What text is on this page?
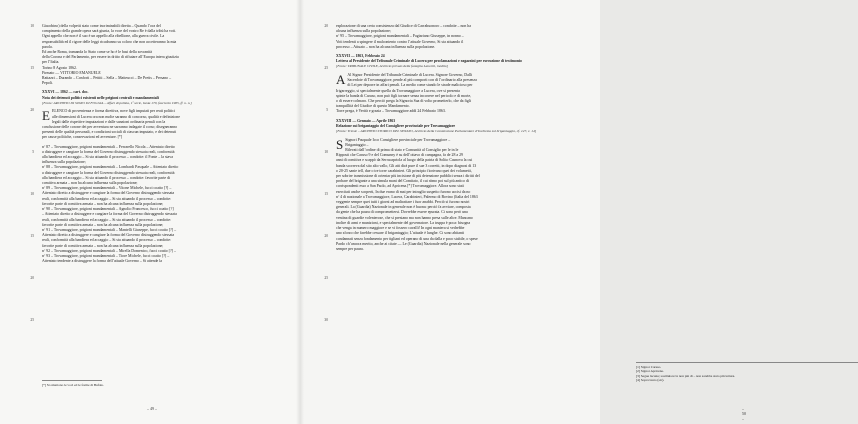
Giacobino) della volpetti stato come incriminabili diretta – Quando l’ora del
compimento della grande opera sarà giunta, la voce del vostro Re è dalla tribù ha voti.
Ogni appello che non è il suo è un appello alla ribellione, alla guerra civile. La
responsabilità ed il rigore delle leggi ricadranno su coloro che non accetteranno la mia
parola.
Ed anche Roma, tramanda lo Stato come se ho è le basi della sovranità
della Corona e del Parlamento, per essere in dritto di rifiutare all’Europa intera giustizia
per l’Italia.
Torino 8 Agosto 1862.
Firmato — VITTORIO EMANUELE
Rattazzi – Durando – Conforti – Pettiti – Sella – Matteucci – De Pretis – Persano –
Pepoli.
XXXVI — 1862 — cart. doc.
Nota dei detenuti politici esistenti nelle prigioni centrali e mandamentali
[Fonte: ARCHIVIO DI STATO DI FOGGIA – Affari di polizia, 1ª serie, busta 170, fascicolo 1985, ff. n. n.]
E ELENCO di provenienza e forma direttiva, nove figli imputati per reati politici
alle dimensioni di Lucera ora non molte saranno di concorso, qualità e definizione
legali dalle rispettive imputazioni e dalle sanzioni ordinaria penali con la
conclusione delle corone dei per avventura ne sarranno indagate il corso; disegneranno
presenti delle qualità personali, e condizioni sociali di ciascun imputato, e dei detenuti
per cause politiche, conservazioni ed avventure. [*]
nº 87 – Trovamaggiore, prigioni mandamentali – Ferrarello Nicola – Attentato diretto
a distruggere e cangiare la forma del Governo distruggendo stessata reali, conformità
alla bandiera ed accaggio – Si sta attuando il processo – condotte: il Fonte – la stava
influenza sulla popolazione;
nº 88 – Trovamaggiore, prigioni mandamentali – Lombardi Pasquale – Attentato diretto
a distruggere e cangiare la forma del Governo distruggendo stessata reali, conformità
alla bandiera ed accaggio – Si sta attuando il processo – condotte: favorite parte di
comitiva armata – non ha alcuna influenza sulla popolazione;
nº 89 – Trovamaggiore, prigioni mandamentali – Vitone Michele, fucci coatto [?] –
Attentato diretto a distruggere e cangiare la forma del Governo distruggendo stessata
reali, conformità alla bandiera ed accaggio – Si sta attuando il processo – condotte:
favorite parte di comitiva armata – non ha alcuna influenza sulla popolazione;
nº 90 – Trovamaggiore, prigioni mandamentali – Agnolio Francesco, fucci coatto [?]
– Attentato diretto a distruggere e cangiare la forma del Governo distruggendo stessata
reali, conformità alla bandiera ed accaggio – Si sta attuando il processo – condotte:
favorite parte di comitiva armata – non ha alcuna influenza sulla popolazione;
nº 91 – Trovamaggiore, prigioni mandamentali – Mantelli Giuseppe, fucci coatto [?] –
Attentato diretto a distruggere e cangiare la forma del Governo distruggendo stessata
reali, conformità alla bandiera ed accaggio – Si sta attuando il processo – condotte:
favorite parte di comitiva armata – non ha alcuna influenza sulla popolazione;
nº 92 – Trovamaggiore, prigioni mandamentali – Mirella Domenico, fucci coatto [?] –
nº 93 – Trovamaggiore, prigioni mandamentali – Tiore Michele, fucci coatto [?] –
Attentato tendente a distruggere la forma dell’attuale Governo – Si attende la
[*] Si omettono le voci ed le forme di Bufalo.
– 49 –
10
15
20
5
10
15
20
25
esplorazione di una certa consistenza dal Giudice di Carrabuonoro – condotte – non ha
alcuna influenza sulla popolazione;
nº 95 – Trovamaggiore, prigioni mandamentali – Fagiariano Giuseppe, in nonno –
Voti tendenti a spingere il malcontento contro l’attuale Governo, Si sta attuando il
processo – Attuato – non ha alcuna influenza sulla popolazione.
XXXVII — 1863, Febbraio 24
Lettera al Presidente del Tribunale Criminale di Lucera per proclamazioni e ragazzini per esecuzione di testimonio
[Fonte: TRIBUNALE CIVILE, Archivio privato della famiglia Lancetti, inedito]
A Al Signor Presidente del Tribunale Criminale di Lucera. Signore Governo, Dalli
Sacerdote di Trovamaggiore, pende al più comporti con dì l’ordinario alla presenza
di Lei per deporre in affari penali. La medio come stando le strade malicioso per
Irigarreggio, si specialmente quella da Trovamaggiore a Lucera, ove si presenta
spinte la banda di Caruso, non può figli tornare senza incorrere nel pericolo e di morte,
o di essere colmaro. Che perciò prega la Signoria Sua di volto prometterlo, che da figli
tranquillità del Giudice di questo Mandamento.
Torre prega, è Verità e grazia – Trovamaggiore addì 24 Febbraio 1863.
XXXVIII — Gennaio — Aprile 1863
Relazione sui brigantaggio del Consigliere provinciale per Trovamaggiore
[Fonte: Trieste – ARCHIVIO STORICO DEL SENATO, Archivio della Commissione Parlamentare d’Inchiesta sul brigantaggio, cf. 127, c. 14]
S Signori Pasquale Icco Consigliere provinciale per Trovamaggiore –
Brigantaggio –
Rilevati dall’ordine di prima di stato e Comunità al Consiglio per le in le
Ripposti che Caruso 9 e del Comunny è su dell’ottavo di campagna, fa de 28 a 29
anni di comitiva e scappò da Serracapriola al luogo della patria di Solito Casnova la cui
banda scorreva dal sito alto vallo, Gli atti dirà pure il sue 3 corretti, in dopo diagnosi di 13
o 20-25 sanie tell, due o tre torre carabinieri. Gli principio fiorivano quei dei volumetti,
per sobrire trasmissione di orientar più incisione di più detenzione pubblici senza i diritti del
probare del brigante a una simula mani del Comitato, il cui ritmo poi sul più antico di
corrispondenti esso a San Paolo, ad Apricena.[*] Trovamaggiore. Allora sono stati
esercitati anche scoperti, In due erano di mai per intraglio suspetto furono uccisi da no
nº 4 di nazionale a Trovamaggiore, Lucera, Carabinieri, Palermo di Bovino (Italia del 1863
veggente sempre quei tutti i giorni ad maltrattare i fuor anabbi. Perciò si furono nostri
generali. La (Guardia) Nazionale in generale non è buona: perciò fa avviare, composta
da gente che ha paura di compromettersi. Dovrebbe essere epurata. Ci sono però una
ventina di guardie volenterose, che si prestano ma non hanno presa sulle altre. Mancano
inoltre di armi e munizioni, e specialmente del governatore. La truppa è poca: bisogna
che venga in numero maggiore e se vi fossero cavalli! In ogni maniera si vedrebbe
uno sforzo che farebbe cessare il brigantaggio; L’attuale è lunghe. Ci sono abitanti
condannati senza fondamento per tigliani ed operano di una da dalla e poco stabile, o spese
Pardo ch’ancora merito, anche ai citate — Le (Guardia) Nazionale nella generale sono
sempre per paura.
[1] Signor Caruso.
[2] Signor Apricena.
[3] Segue lacuna; sostituisce la non più di – non sarebbe stato più lettura.
[4] Sopra lauro (sic).
– 50 –
20
25
5
10
15
20
25
30
